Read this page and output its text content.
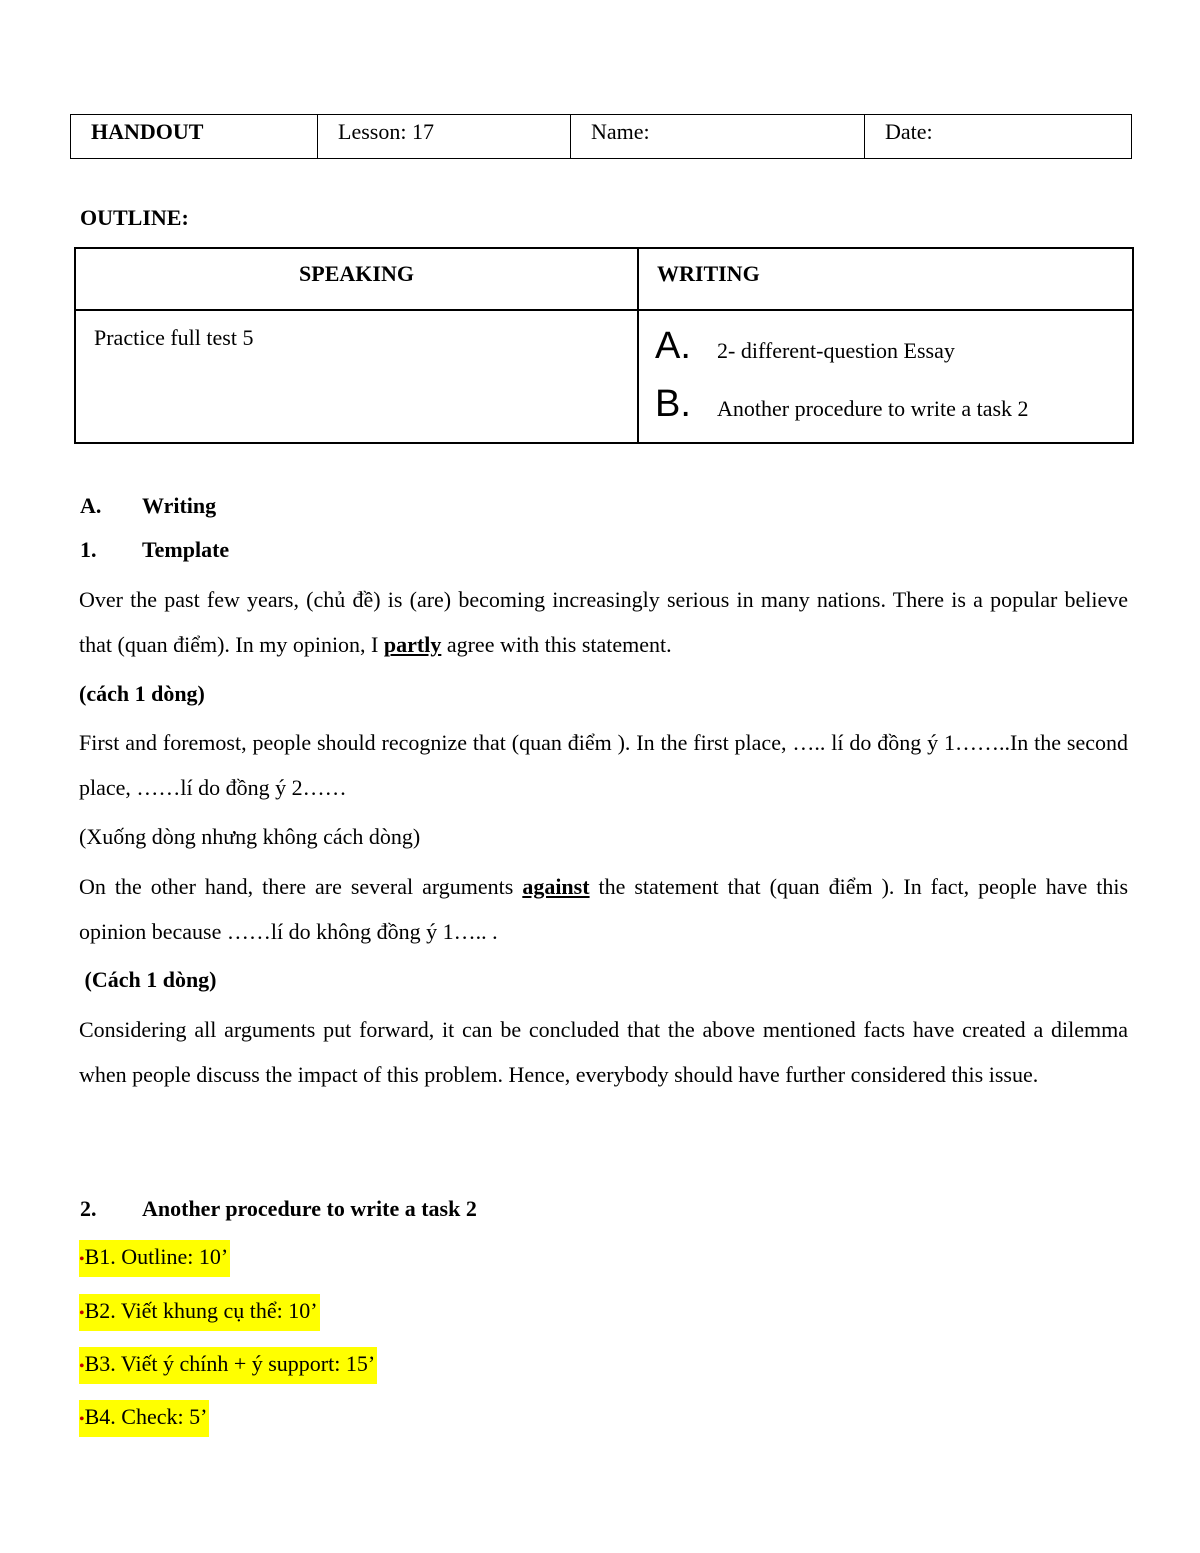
HANDOUT	Lesson: 17	Name:	Date:
OUTLINE:
SPEAKING	WRITING
Practice full test 5	A. 2- different-question Essay
B. Another procedure to write a task 2
A. Writing
1. Template
Over the past few years, (chủ đề) is (are) becoming increasingly serious in many nations. There is a popular believe that (quan điểm). In my opinion, I partly agree with this statement.
(cách 1 dòng)
First and foremost, people should recognize that (quan điểm ). In the first place, ….. lí do đồng ý 1……..In the second place, ……lí do đồng ý 2……
(Xuống dòng nhưng không cách dòng)
On the other hand, there are several arguments against the statement that (quan điểm ). In fact, people have this opinion because ……lí do không đồng ý 1….. .
(Cách 1 dòng)
Considering all arguments put forward, it can be concluded that the above mentioned facts have created a dilemma when people discuss the impact of this problem. Hence, everybody should have further considered this issue.
2. Another procedure to write a task 2
•B1. Outline: 10’
•B2. Viết khung cụ thể: 10’
•B3. Viết ý chính + ý support: 15’
•B4. Check: 5’
